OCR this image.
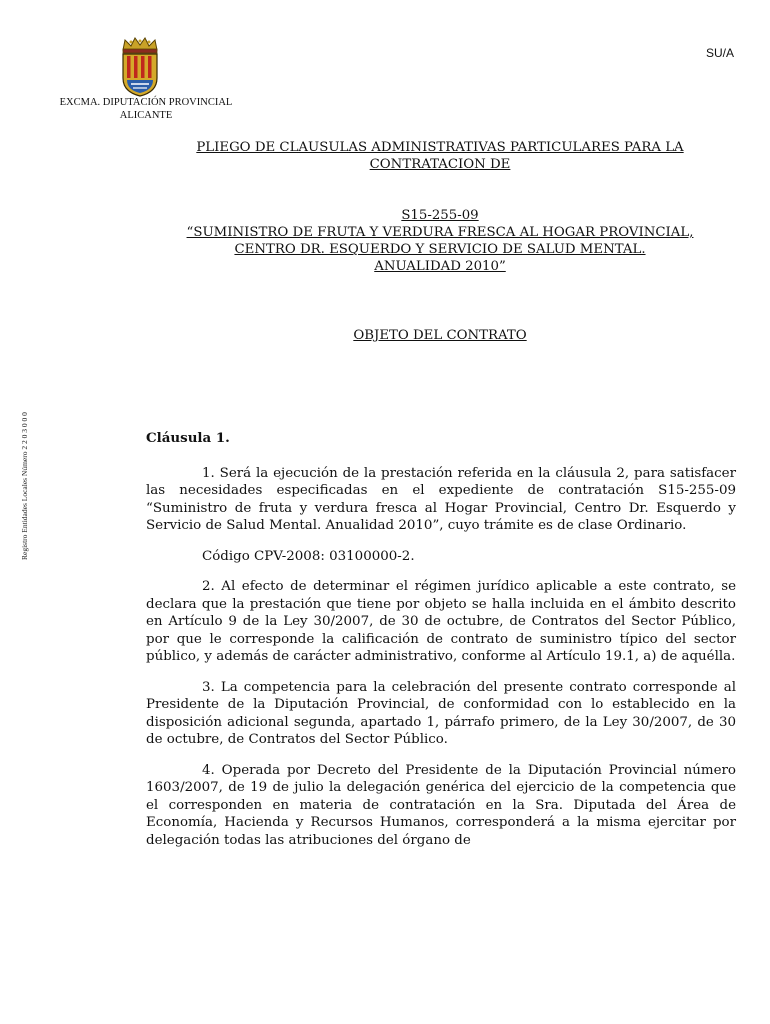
SU/A
EXCMA. DIPUTACIÓN PROVINCIAL
ALICANTE
Registro Entidades Locales Número 2 2 0 3 0 0 0
PLIEGO DE CLAUSULAS ADMINISTRATIVAS PARTICULARES PARA LA
CONTRATACION DE
S15-255-09
“SUMINISTRO DE FRUTA Y VERDURA FRESCA AL HOGAR PROVINCIAL,
CENTRO DR. ESQUERDO Y SERVICIO DE SALUD MENTAL.
ANUALIDAD 2010”
OBJETO DEL CONTRATO

Cláusula 1.

1. Será la ejecución de la prestación referida en la cláusula 2, para satisfacer las necesidades especificadas en el expediente de contratación S15-255-09 “Suministro de fruta y verdura fresca al Hogar Provincial, Centro Dr. Esquerdo y Servicio de Salud Mental. Anualidad 2010”, cuyo trámite es de clase Ordinario.

Código CPV-2008: 03100000-2.

2. Al efecto de determinar el régimen jurídico aplicable a este contrato, se declara que la prestación que tiene por objeto se halla incluida en el ámbito descrito en Artículo 9 de la Ley 30/2007, de 30 de octubre, de Contratos del Sector Público, por que le corresponde la calificación de contrato de suministro típico del sector público, y además de carácter administrativo, conforme al Artículo 19.1, a) de aquélla.

3. La competencia para la celebración del presente contrato corresponde al Presidente de la Diputación Provincial, de conformidad con lo establecido en la disposición adicional segunda, apartado 1, párrafo primero, de la Ley 30/2007, de 30 de octubre, de Contratos del Sector Público.

4. Operada por Decreto del Presidente de la Diputación Provincial número 1603/2007, de 19 de julio la delegación genérica del ejercicio de la competencia que el corresponden en materia de contratación en la Sra. Diputada del Área de Economía, Hacienda y Recursos Humanos, corresponderá a la misma ejercitar por delegación todas las atribuciones del órgano de
